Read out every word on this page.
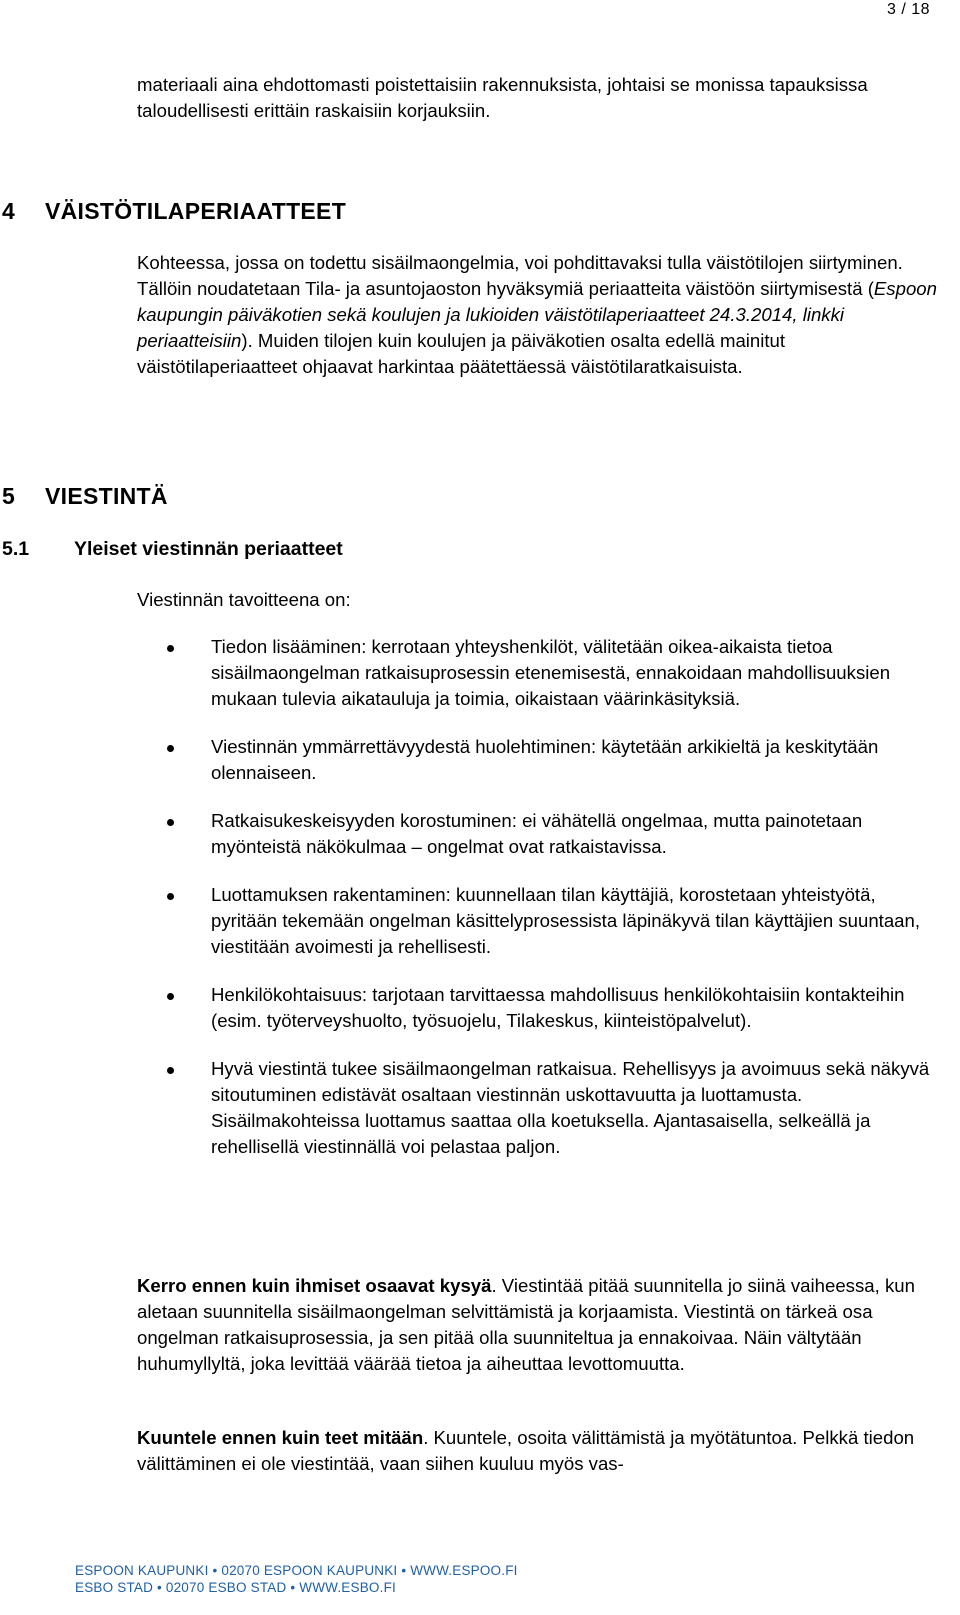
3 / 18

materiaali aina ehdottomasti poistettaisiin rakennuksista, johtaisi se monissa tapauksissa taloudellisesti erittäin raskaisiin korjauksiin.

4 VÄISTÖTILAPERIAATTEET

Kohteessa, jossa on todettu sisäilmaongelmia, voi pohdittavaksi tulla väistötilojen siirtyminen. Tällöin noudatetaan Tila- ja asuntojaoston hyväksymiä periaatteita väistöön siirtymisestä (Espoon kaupungin päiväkotien sekä koulujen ja lukioiden väistötilaperiaatteet 24.3.2014, linkki periaatteisiin). Muiden tilojen kuin koulujen ja päiväkotien osalta edellä mainitut väistötilaperiaatteet ohjaavat harkintaa päätettäessä väistötilaratkaisuista.

5 VIESTINTÄ
5.1 Yleiset viestinnän periaatteet

Viestinnän tavoitteena on:

Tiedon lisääminen: kerrotaan yhteyshenkilöt, välitetään oikea-aikaista tietoa sisäilmaongelman ratkaisuprosessin etenemisestä, ennakoidaan mahdollisuuksien mukaan tulevia aikatauluja ja toimia, oikaistaan väärinkäsityksiä.
Viestinnän ymmärrettävyydestä huolehtiminen: käytetään arkikieltä ja keskitytään olennaiseen.
Ratkaisukeskeisyyden korostuminen: ei vähätellä ongelmaa, mutta painotetaan myönteistä näkökulmaa – ongelmat ovat ratkaistavissa.
Luottamuksen rakentaminen: kuunnellaan tilan käyttäjiä, korostetaan yhteistyötä, pyritään tekemään ongelman käsittelyprosessista läpinäkyvä tilan käyttäjien suuntaan, viestitään avoimesti ja rehellisesti.
Henkilökohtaisuus: tarjotaan tarvittaessa mahdollisuus henkilökohtaisiin kontakteihin (esim. työterveyshuolto, työsuojelu, Tilakeskus, kiinteistöpalvelut).
Hyvä viestintä tukee sisäilmaongelman ratkaisua. Rehellisyys ja avoimuus sekä näkyvä sitoutuminen edistävät osaltaan viestinnän uskottavuutta ja luottamusta. Sisäilmakohteissa luottamus saattaa olla koetuksella. Ajantasaisella, selkeällä ja rehellisellä viestinnällä voi pelastaa paljon.

Kerro ennen kuin ihmiset osaavat kysyä. Viestintää pitää suunnitella jo siinä vaiheessa, kun aletaan suunnitella sisäilmaongelman selvittämistä ja korjaamista. Viestintä on tärkeä osa ongelman ratkaisuprosessia, ja sen pitää olla suunniteltua ja ennakoivaa. Näin vältytään huhumyllyltä, joka levittää väärää tietoa ja aiheuttaa levottomuutta.

Kuuntele ennen kuin teet mitään. Kuuntele, osoita välittämistä ja myötätuntoa. Pelkkä tiedon välittäminen ei ole viestintää, vaan siihen kuuluu myös vas-

ESPOON KAUPUNKI • 02070 ESPOON KAUPUNKI • WWW.ESPOO.FI
ESBO STAD • 02070 ESBO STAD • WWW.ESBO.FI
